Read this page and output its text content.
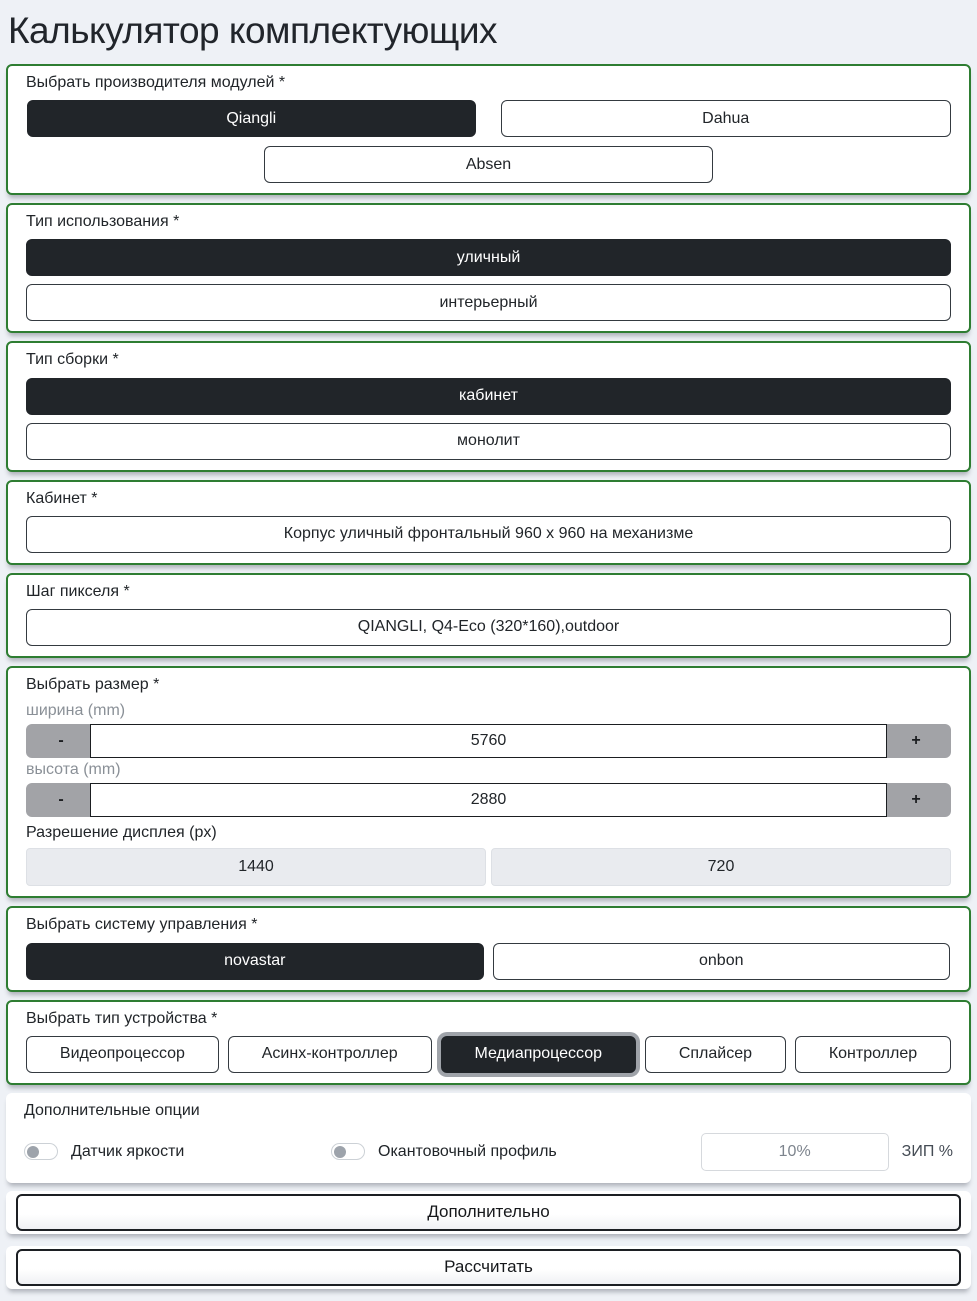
Калькулятор комплектующих
Выбрать производителя модулей *
Qiangli	Dahua
Absen
Тип использования *
уличный
интерьерный
Тип сборки *
кабинет
монолит
Кабинет *
Корпус уличный фронтальный 960 x 960 на механизме
Шаг пикселя *
QIANGLI, Q4-Eco (320*160),outdoor
Выбрать размер *
ширина (mm)
-
5760	+
высота (mm)
-
2880	+
Разрешение дисплея (px)
1440	720
Выбрать систему управления *
novastar	onbon
Выбрать тип устройства *
Видеопроцессор	Асинх-контроллер	Медиапроцессор	Сплайсер	Контроллер
Дополнительные опции
Датчик яркости	Окантовочный профиль
10%	ЗИП %
Дополнительно
Рассчитать
